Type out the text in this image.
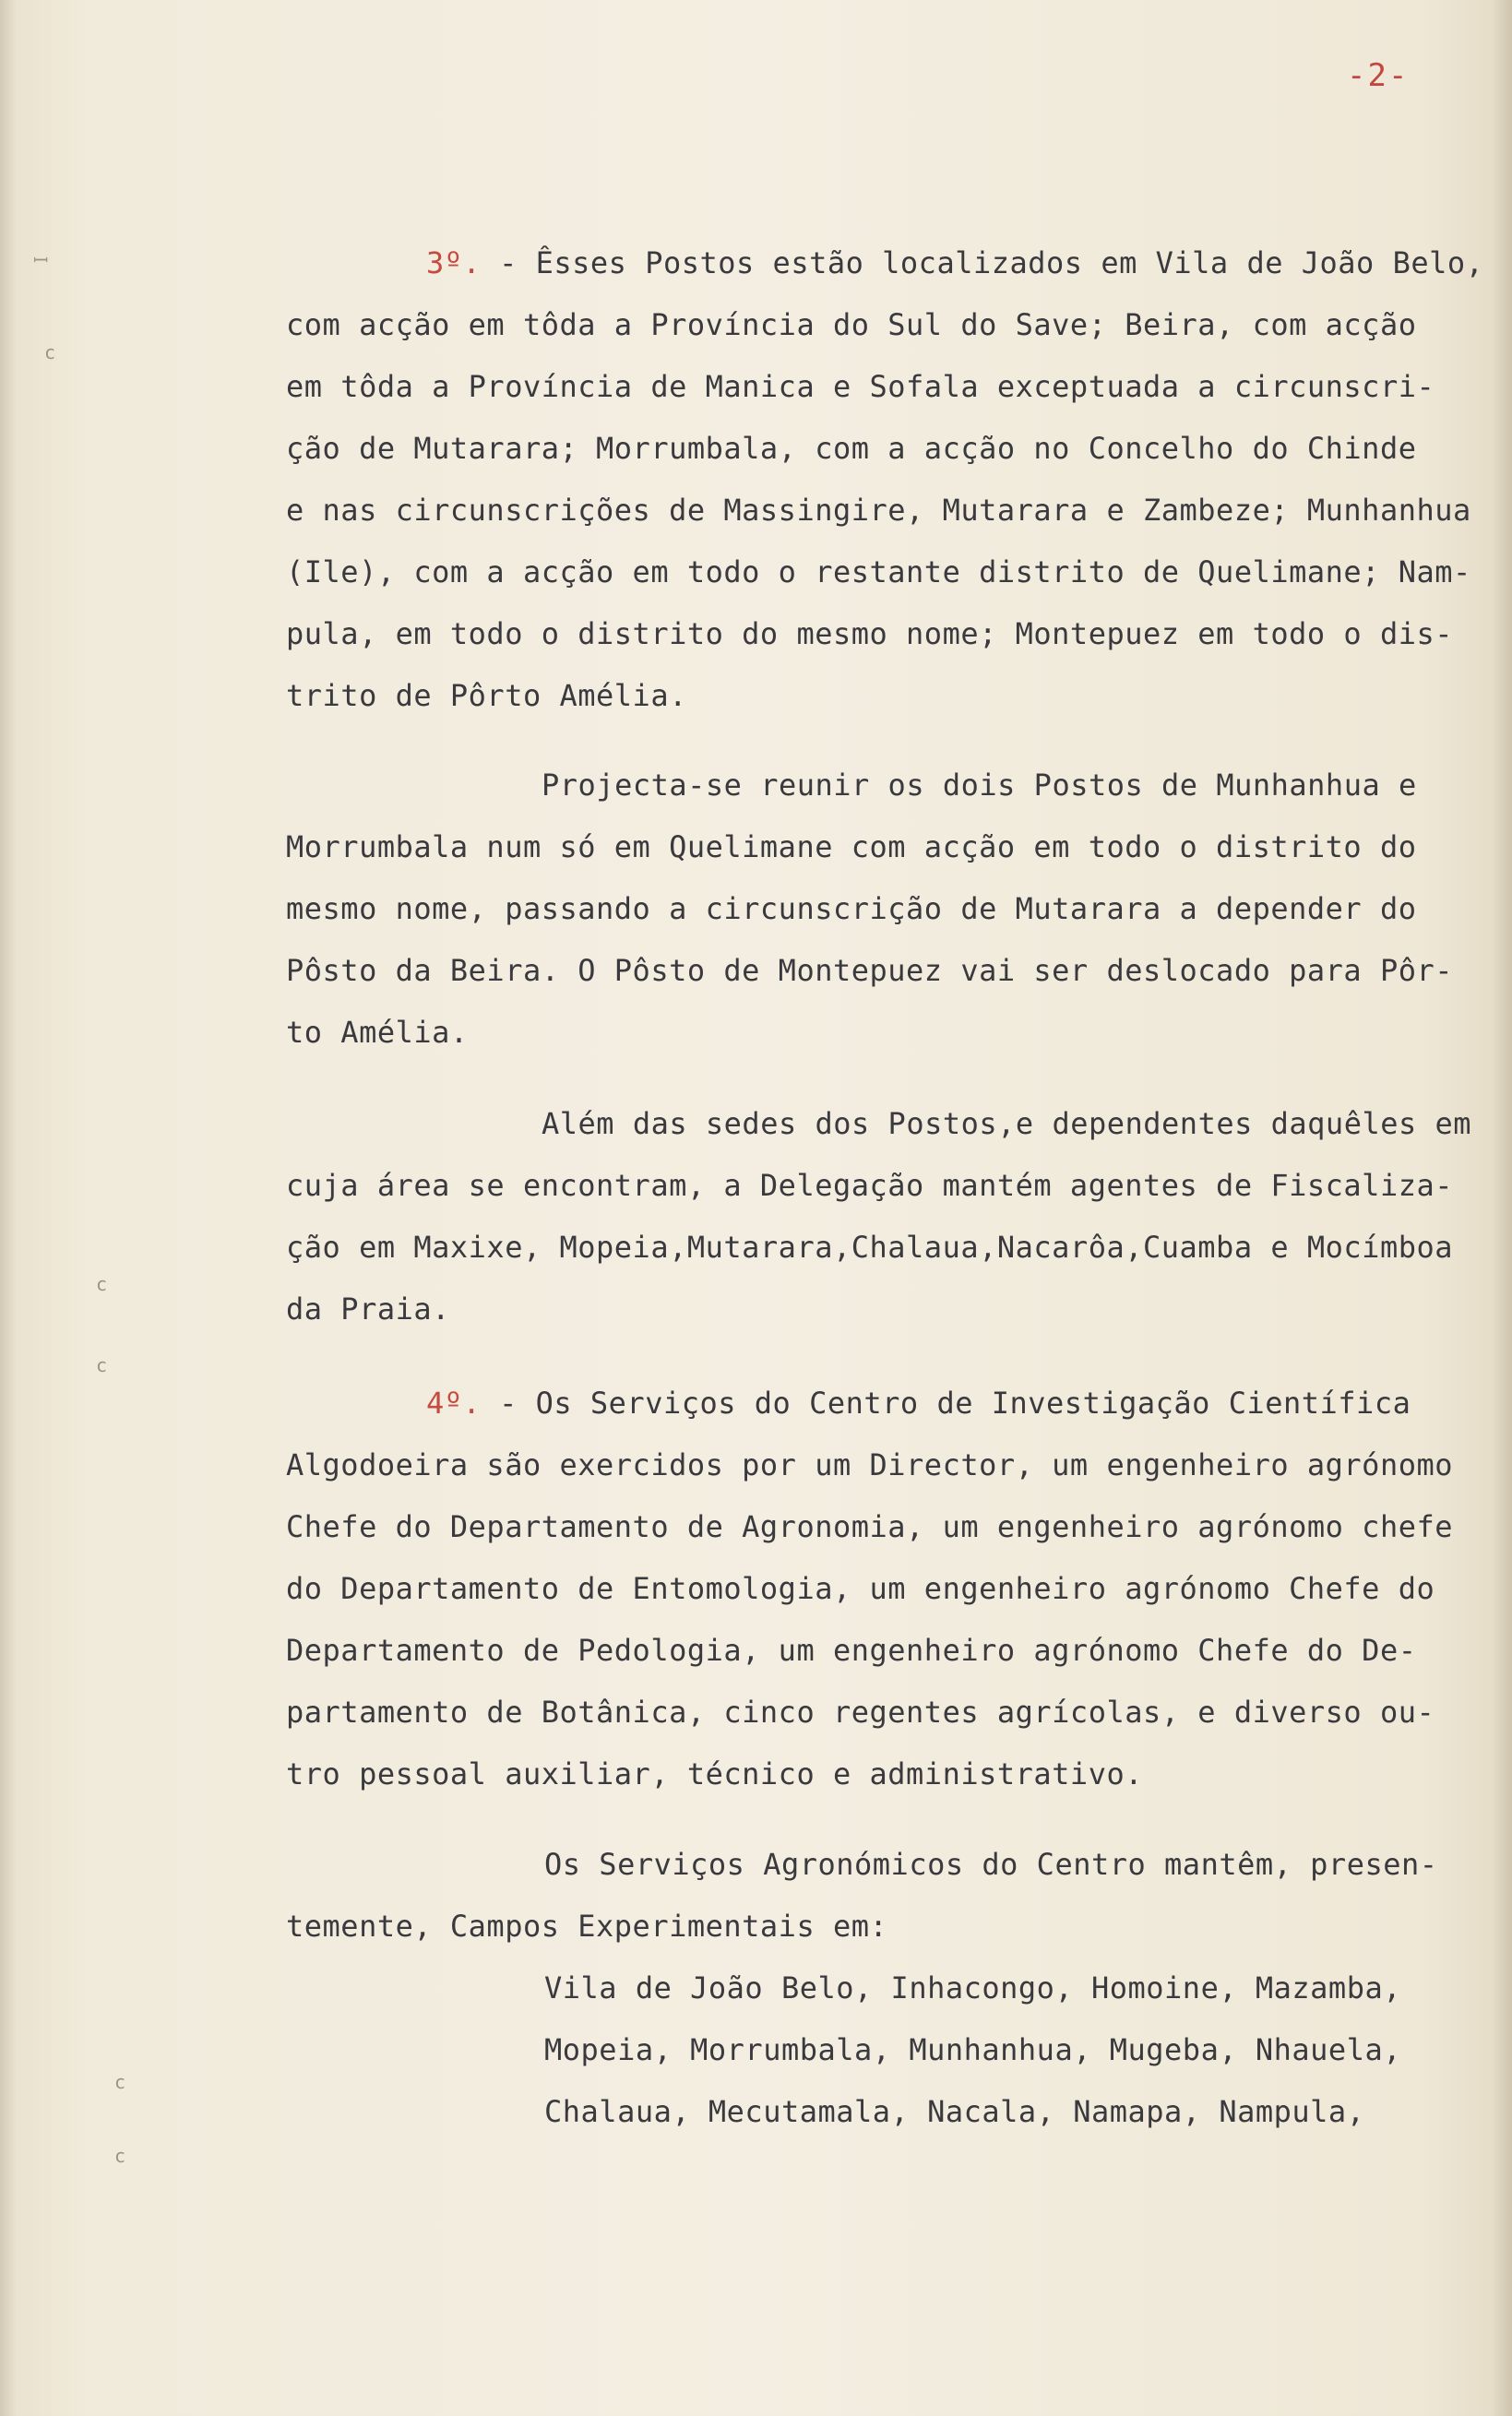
ꟷ
c
c
c
c
c
-2-
3º. - Êsses Postos estão localizados em Vila de João Belo,
com acção em tôda a Província do Sul do Save; Beira, com acção
em tôda a Província de Manica e Sofala exceptuada a circunscri-
ção de Mutarara; Morrumbala, com a acção no Concelho do Chinde
e nas circunscrições de Massingire, Mutarara e Zambeze; Munhanhua
(Ile), com a acção em todo o restante distrito de Quelimane; Nam-
pula, em todo o distrito do mesmo nome; Montepuez em todo o dis-
trito de Pôrto Amélia.
Projecta-se reunir os dois Postos de Munhanhua e
Morrumbala num só em Quelimane com acção em todo o distrito do
mesmo nome, passando a circunscrição de Mutarara a depender do
Pôsto da Beira. O Pôsto de Montepuez vai ser deslocado para Pôr-
to Amélia.
Além das sedes dos Postos,e dependentes daquêles em
cuja área se encontram, a Delegação mantém agentes de Fiscaliza-
ção em Maxixe, Mopeia,Mutarara,Chalaua,Nacarôa,Cuamba e Mocímboa
da Praia.
4º. - Os Serviços do Centro de Investigação Científica
Algodoeira são exercidos por um Director, um engenheiro agrónomo
Chefe do Departamento de Agronomia, um engenheiro agrónomo chefe
do Departamento de Entomologia, um engenheiro agrónomo Chefe do
Departamento de Pedologia, um engenheiro agrónomo Chefe do De-
partamento de Botânica, cinco regentes agrícolas, e diverso ou-
tro pessoal auxiliar, técnico e administrativo.
Os Serviços Agronómicos do Centro mantêm, presen-
temente, Campos Experimentais em:
Vila de João Belo, Inhacongo, Homoine, Mazamba,
Mopeia, Morrumbala, Munhanhua, Mugeba, Nhauela,
Chalaua, Mecutamala, Nacala, Namapa, Nampula,
